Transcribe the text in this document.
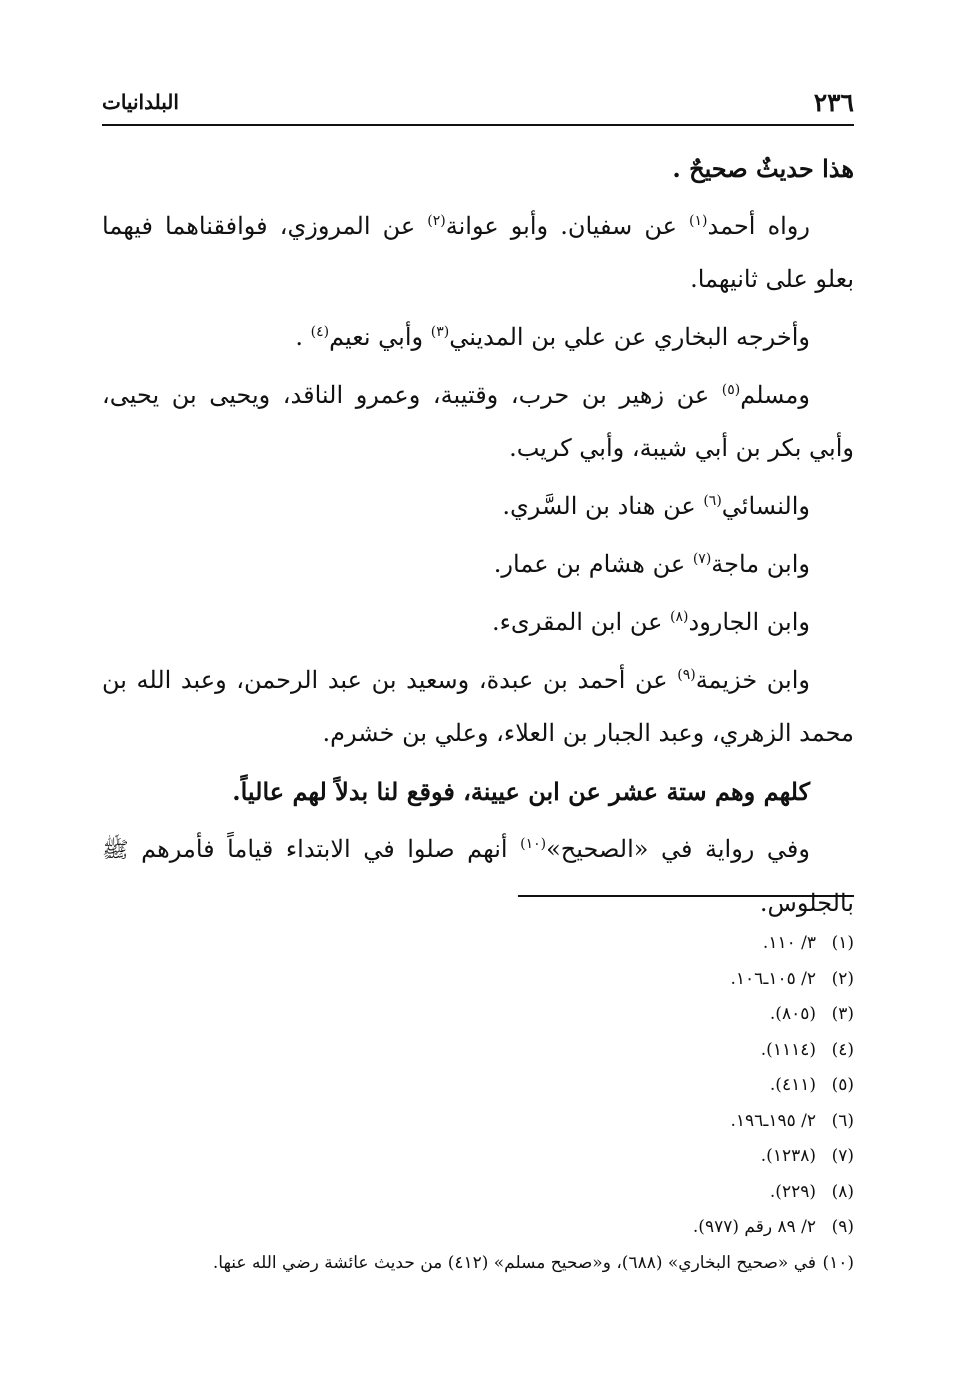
٢٣٦
البلدانيات

هذا حديثٌ صحيحٌ .

رواه أحمد$^{(١)}$ عن سفيان. وأبو عوانة$^{(٢)}$ عن المروزي، فوافقناهما فيهما بعلو على ثانيهما.

وأخرجه البخاري عن علي بن المديني$^{(٣)}$ وأبي نعيم$^{(٤)}$ .

ومسلم$^{(٥)}$ عن زهير بن حرب، وقتيبة، وعمرو الناقد، ويحيى بن يحيى، وأبي بكر بن أبي شيبة، وأبي كريب.

والنسائي$^{(٦)}$ عن هناد بن السَّري.

وابن ماجة$^{(٧)}$ عن هشام بن عمار.

وابن الجارود$^{(٨)}$ عن ابن المقرىء.

وابن خزيمة$^{(٩)}$ عن أحمد بن عبدة، وسعيد بن عبد الرحمن، وعبد الله بن محمد الزهري، وعبد الجبار بن العلاء، وعلي بن خشرم.

كلهم وهم ستة عشر عن ابن عيينة، فوقع لنا بدلاً لهم عالياً.

وفي رواية في «الصحيح»$^{(١٠)}$ أنهم صلوا في الابتداء قياماً فأمرهم ﷺ بالجلوس.

(١)٣/ ١١٠.
(٢)٢/ ١٠٥ـ١٠٦.
(٣)(٨٠٥).
(٤)(١١١٤).
(٥)(٤١١).
(٦)٢/ ١٩٥ـ١٩٦.
(٧)(١٢٣٨).
(٨)(٢٢٩).
(٩)٢/ ٨٩ رقم (٩٧٧).
(١٠)في «صحيح البخاري» (٦٨٨)، و«صحيح مسلم» (٤١٢) من حديث عائشة رضي الله عنها.
